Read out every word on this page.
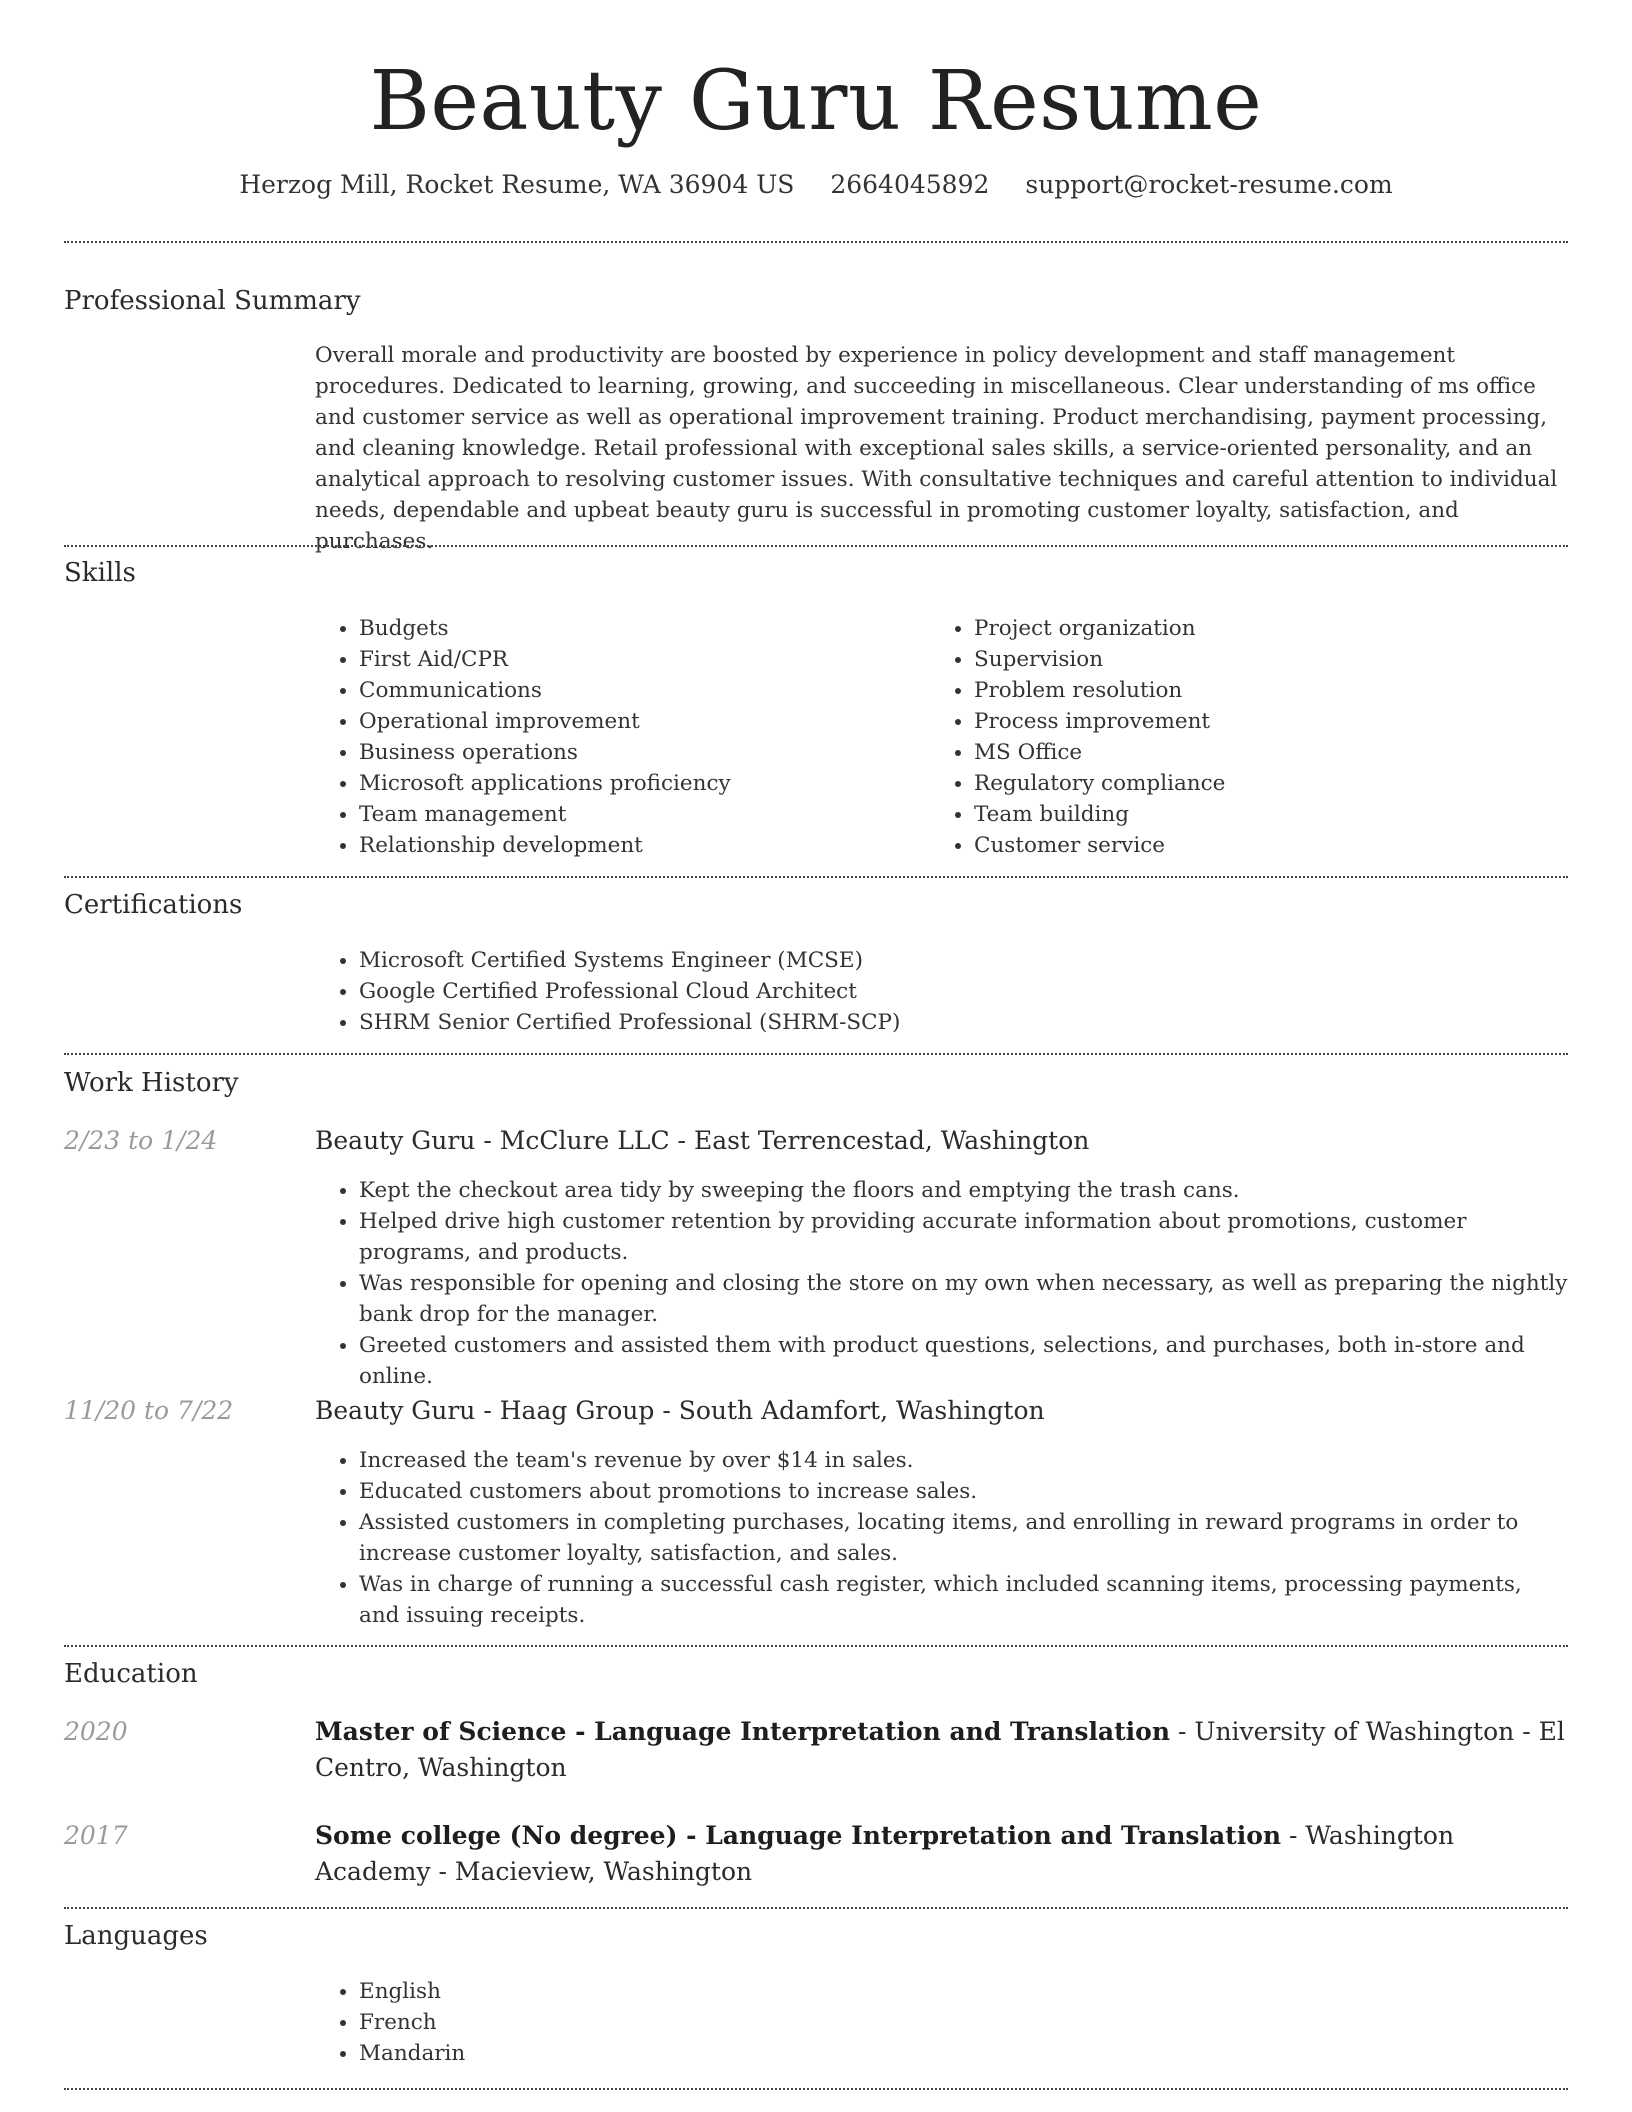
Beauty Guru Resume
Herzog Mill, Rocket Resume, WA 36904 US 2664045892 support@rocket-resume.com
Professional Summary

Overall morale and productivity are boosted by experience in policy development and staff management procedures. Dedicated to learning, growing, and succeeding in miscellaneous. Clear understanding of ms office and customer service as well as operational improvement training. Product merchandising, payment processing, and cleaning knowledge. Retail professional with exceptional sales skills, a service-oriented personality, and an analytical approach to resolving customer issues. With consultative techniques and careful attention to individual needs, dependable and upbeat beauty guru is successful in promoting customer loyalty, satisfaction, and purchases.

Skills
• Budgets
• First Aid/CPR
• Communications
• Operational improvement
• Business operations
• Microsoft applications proficiency
• Team management
• Relationship development
• Project organization
• Supervision
• Problem resolution
• Process improvement
• MS Office
• Regulatory compliance
• Team building
• Customer service
Certifications
• Microsoft Certified Systems Engineer (MCSE)
• Google Certified Professional Cloud Architect
• SHRM Senior Certified Professional (SHRM-SCP)
Work History
2/23 to 1/24	Beauty Guru - McClure LLC - East Terrencestad, Washington
• Kept the checkout area tidy by sweeping the floors and emptying the trash cans.
• Helped drive high customer retention by providing accurate information about promotions, customer programs, and products.
• Was responsible for opening and closing the store on my own when necessary, as well as preparing the nightly bank drop for the manager.
• Greeted customers and assisted them with product questions, selections, and purchases, both in-store and online.
11/20 to 7/22	Beauty Guru - Haag Group - South Adamfort, Washington
• Increased the team's revenue by over $14 in sales.
• Educated customers about promotions to increase sales.
• Assisted customers in completing purchases, locating items, and enrolling in reward programs in order to increase customer loyalty, satisfaction, and sales.
• Was in charge of running a successful cash register, which included scanning items, processing payments, and issuing receipts.
Education
2020	Master of Science - Language Interpretation and Translation - University of Washington - El Centro, Washington
2017	Some college (No degree) - Language Interpretation and Translation - Washington Academy - Macieview, Washington
Languages
• English
• French
• Mandarin
